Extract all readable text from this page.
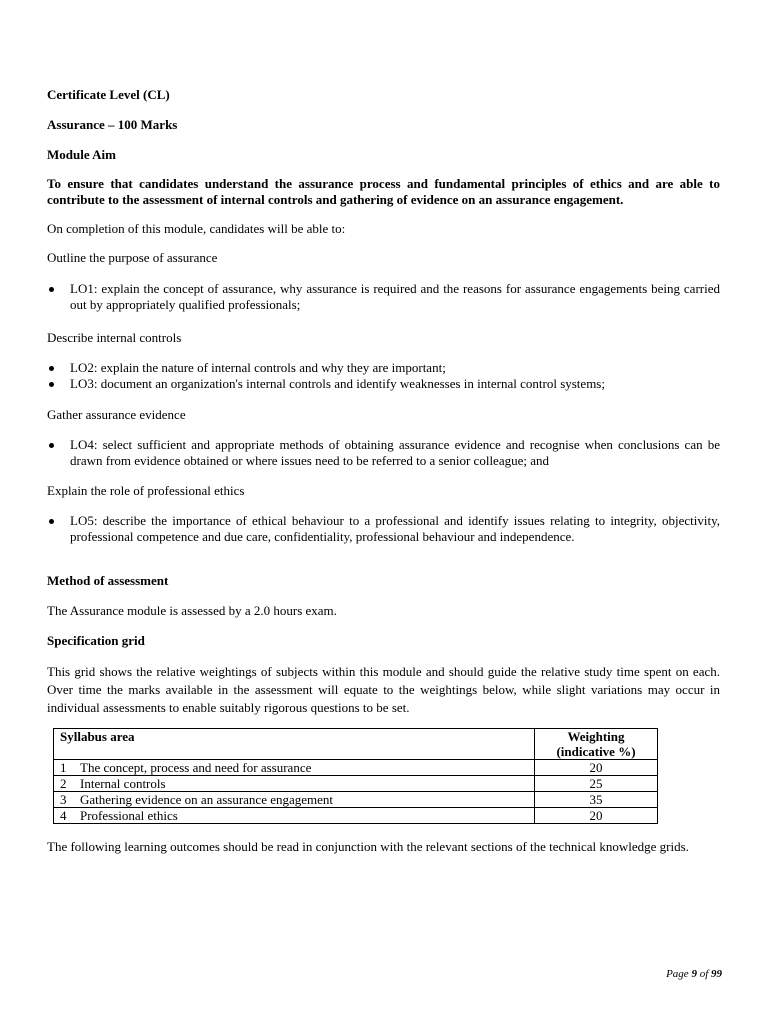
Certificate Level (CL)

Assurance – 100 Marks

Module Aim

To ensure that candidates understand the assurance process and fundamental principles of ethics and are able to contribute to the assessment of internal controls and gathering of evidence on an assurance engagement.

On completion of this module, candidates will be able to:

Outline the purpose of assurance

LO1: explain the concept of assurance, why assurance is required and the reasons for assurance engagements being carried out by appropriately qualified professionals;

Describe internal controls

LO2: explain the nature of internal controls and why they are important;
LO3: document an organization's internal controls and identify weaknesses in internal control systems;

Gather assurance evidence

LO4: select sufficient and appropriate methods of obtaining assurance evidence and recognise when conclusions can be drawn from evidence obtained or where issues need to be referred to a senior colleague; and

Explain the role of professional ethics

LO5: describe the importance of ethical behaviour to a professional and identify issues relating to integrity, objectivity, professional competence and due care, confidentiality, professional behaviour and independence.

Method of assessment

The Assurance module is assessed by a 2.0 hours exam.

Specification grid

This grid shows the relative weightings of subjects within this module and should guide the relative study time spent on each. Over time the marks available in the assessment will equate to the weightings below, while slight variations may occur in individual assessments to enable suitably rigorous questions to be set.

Syllabus area	Weighting
(indicative %)
1 The concept, process and need for assurance	20
2 Internal controls	25
3 Gathering evidence on an assurance engagement	35
4 Professional ethics	20

The following learning outcomes should be read in conjunction with the relevant sections of the technical knowledge grids.

Page 9 of 99
